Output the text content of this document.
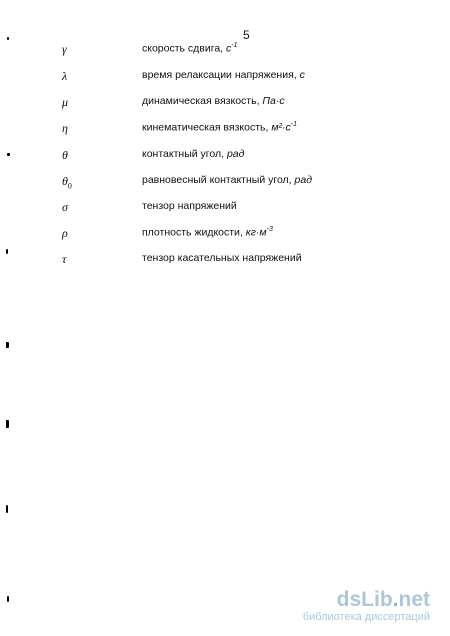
5
γ	скорость сдвига, $с^{-1}$
λ	время релаксации напряжения, с
μ	динамическая вязкость, Па·с
η	кинематическая вязкость, $м^2\cdot с^{-1}$
θ	контактный угол, рад
$\theta_0$	равновесный контактный угол, рад
σ	тензор напряжений
ρ	плотность жидкости, $кг\cdot м^{-3}$
τ	тензор касательных напряжений
dsLib.net
библиотека диссертаций
